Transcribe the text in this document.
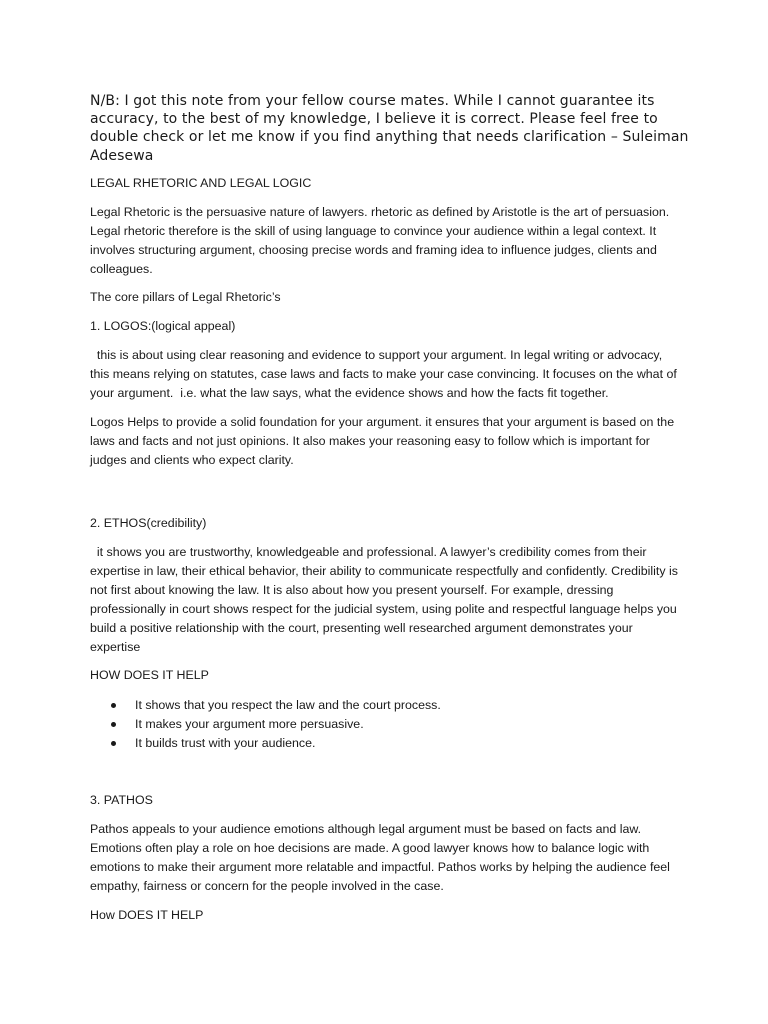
N/B: I got this note from your fellow course mates. While I cannot guarantee its accuracy, to the best of my knowledge, I believe it is correct. Please feel free to double check or let me know if you find anything that needs clarification – Suleiman Adesewa

LEGAL RHETORIC AND LEGAL LOGIC

Legal Rhetoric is the persuasive nature of lawyers. rhetoric as defined by Aristotle is the art of persuasion. Legal rhetoric therefore is the skill of using language to convince your audience within a legal context. It involves structuring argument, choosing precise words and framing idea to influence judges, clients and colleagues.

The core pillars of Legal Rhetoric’s

1. LOGOS:(logical appeal)

this is about using clear reasoning and evidence to support your argument. In legal writing or advocacy, this means relying on statutes, case laws and facts to make your case convincing. It focuses on the what of your argument.  i.e. what the law says, what the evidence shows and how the facts fit together.

Logos Helps to provide a solid foundation for your argument. it ensures that your argument is based on the laws and facts and not just opinions. It also makes your reasoning easy to follow which is important for judges and clients who expect clarity.

2. ETHOS(credibility)

it shows you are trustworthy, knowledgeable and professional. A lawyer’s credibility comes from their expertise in law, their ethical behavior, their ability to communicate respectfully and confidently. Credibility is not first about knowing the law. It is also about how you present yourself. For example, dressing professionally in court shows respect for the judicial system, using polite and respectful language helps you build a positive relationship with the court, presenting well researched argument demonstrates your expertise

HOW DOES IT HELP

It shows that you respect the law and the court process.
It makes your argument more persuasive.
It builds trust with your audience.

3. PATHOS

Pathos appeals to your audience emotions although legal argument must be based on facts and law. Emotions often play a role on hoe decisions are made. A good lawyer knows how to balance logic with emotions to make their argument more relatable and impactful. Pathos works by helping the audience feel empathy, fairness or concern for the people involved in the case.

How DOES IT HELP
